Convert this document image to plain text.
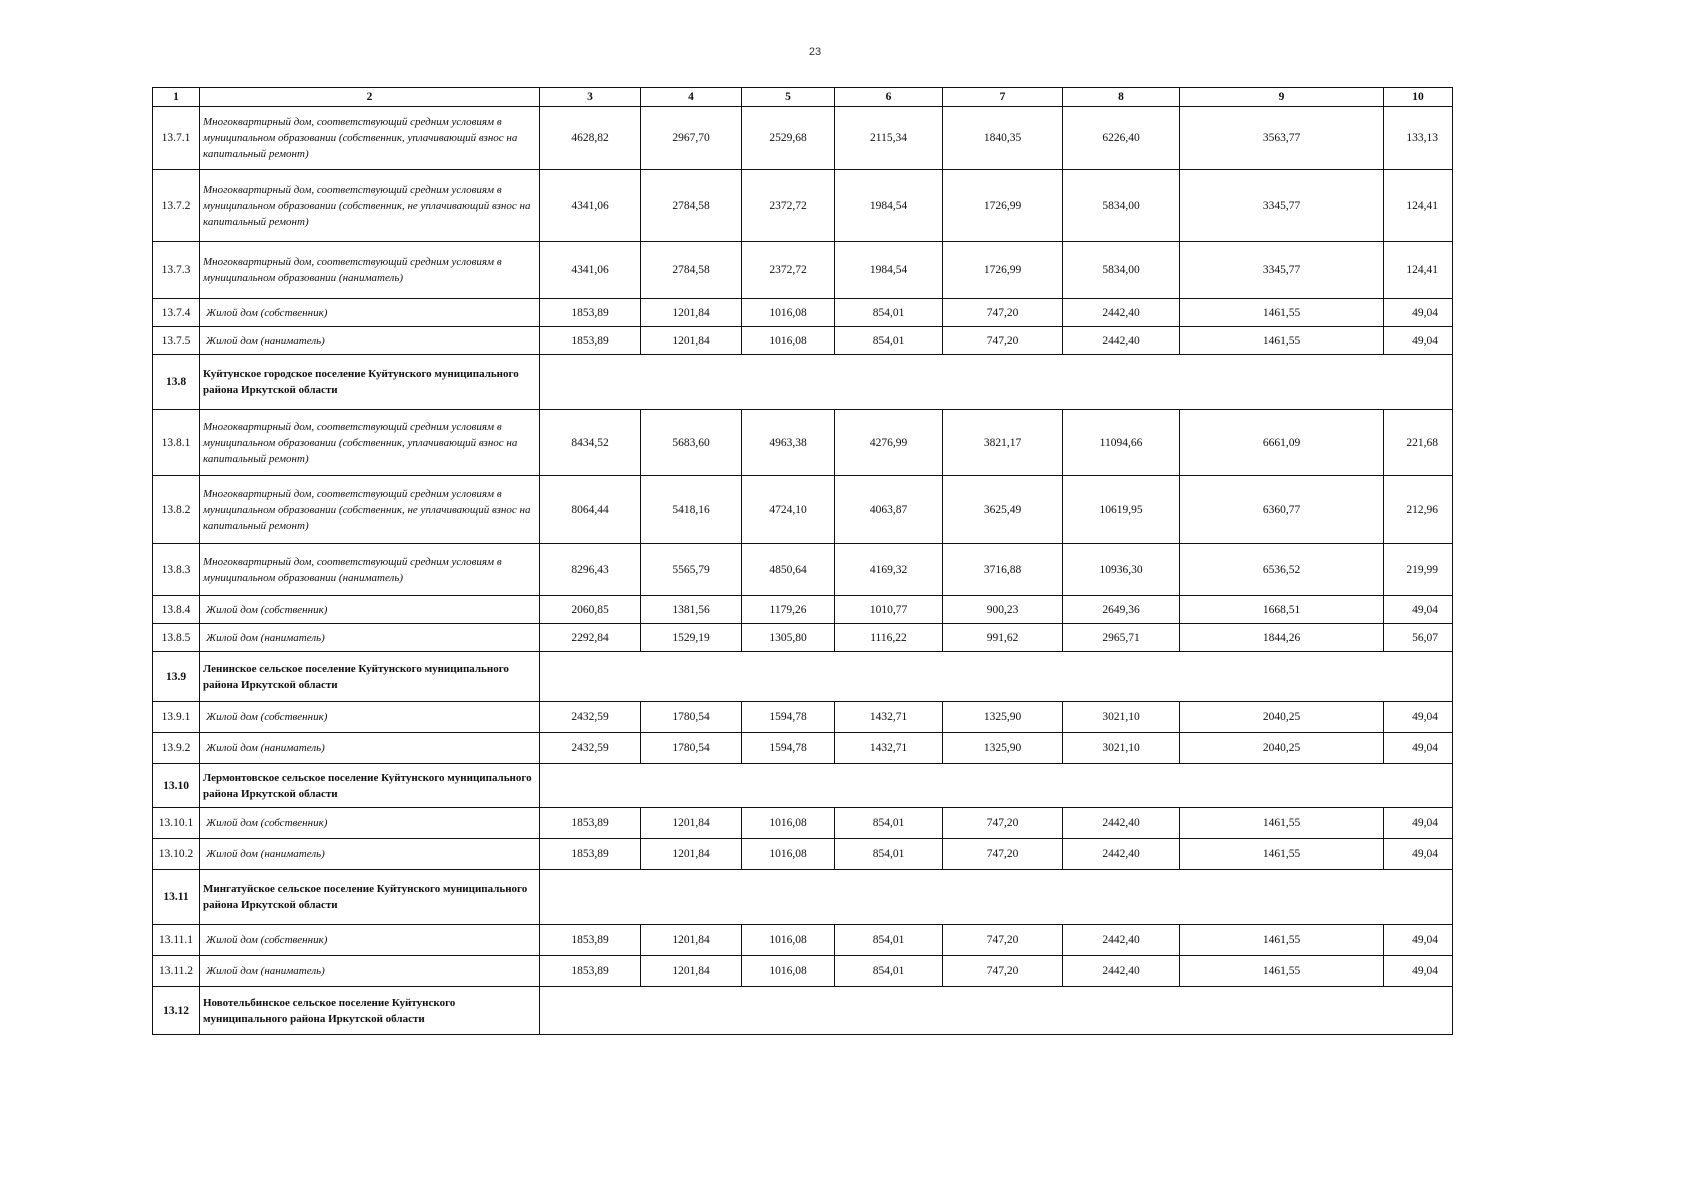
23
1	2	3	4	5	6	7	8	9	10
13.7.1	Многоквартирный дом, соответствующий средним условиям в муниципальном образовании (собственник, уплачивающий взнос на капитальный ремонт)	4628,82	2967,70	2529,68	2115,34	1840,35	6226,40	3563,77	133,13
13.7.2	Многоквартирный дом, соответствующий средним условиям в муниципальном образовании (собственник, не уплачивающий взнос на капитальный ремонт)	4341,06	2784,58	2372,72	1984,54	1726,99	5834,00	3345,77	124,41
13.7.3	Многоквартирный дом, соответствующий средним условиям в муниципальном образовании (наниматель)	4341,06	2784,58	2372,72	1984,54	1726,99	5834,00	3345,77	124,41
13.7.4	Жилой дом (собственник)	1853,89	1201,84	1016,08	854,01	747,20	2442,40	1461,55	49,04
13.7.5	Жилой дом (наниматель)	1853,89	1201,84	1016,08	854,01	747,20	2442,40	1461,55	49,04
13.8	Куйтунское городское поселение Куйтунского муниципального района Иркутской области								
13.8.1	Многоквартирный дом, соответствующий средним условиям в муниципальном образовании (собственник, уплачивающий взнос на капитальный ремонт)	8434,52	5683,60	4963,38	4276,99	3821,17	11094,66	6661,09	221,68
13.8.2	Многоквартирный дом, соответствующий средним условиям в муниципальном образовании (собственник, не уплачивающий взнос на капитальный ремонт)	8064,44	5418,16	4724,10	4063,87	3625,49	10619,95	6360,77	212,96
13.8.3	Многоквартирный дом, соответствующий средним условиям в муниципальном образовании (наниматель)	8296,43	5565,79	4850,64	4169,32	3716,88	10936,30	6536,52	219,99
13.8.4	Жилой дом (собственник)	2060,85	1381,56	1179,26	1010,77	900,23	2649,36	1668,51	49,04
13.8.5	Жилой дом (наниматель)	2292,84	1529,19	1305,80	1116,22	991,62	2965,71	1844,26	56,07
13.9	Ленинское сельское поселение Куйтунского муниципального района Иркутской области								
13.9.1	Жилой дом (собственник)	2432,59	1780,54	1594,78	1432,71	1325,90	3021,10	2040,25	49,04
13.9.2	Жилой дом (наниматель)	2432,59	1780,54	1594,78	1432,71	1325,90	3021,10	2040,25	49,04
13.10	Лермонтовское сельское поселение Куйтунского муниципального района Иркутской области								
13.10.1	Жилой дом (собственник)	1853,89	1201,84	1016,08	854,01	747,20	2442,40	1461,55	49,04
13.10.2	Жилой дом (наниматель)	1853,89	1201,84	1016,08	854,01	747,20	2442,40	1461,55	49,04
13.11	Мингатуйское сельское поселение Куйтунского муниципального района Иркутской области								
13.11.1	Жилой дом (собственник)	1853,89	1201,84	1016,08	854,01	747,20	2442,40	1461,55	49,04
13.11.2	Жилой дом (наниматель)	1853,89	1201,84	1016,08	854,01	747,20	2442,40	1461,55	49,04
13.12	Новотельбинское сельское поселение Куйтунского муниципального района Иркутской области								
